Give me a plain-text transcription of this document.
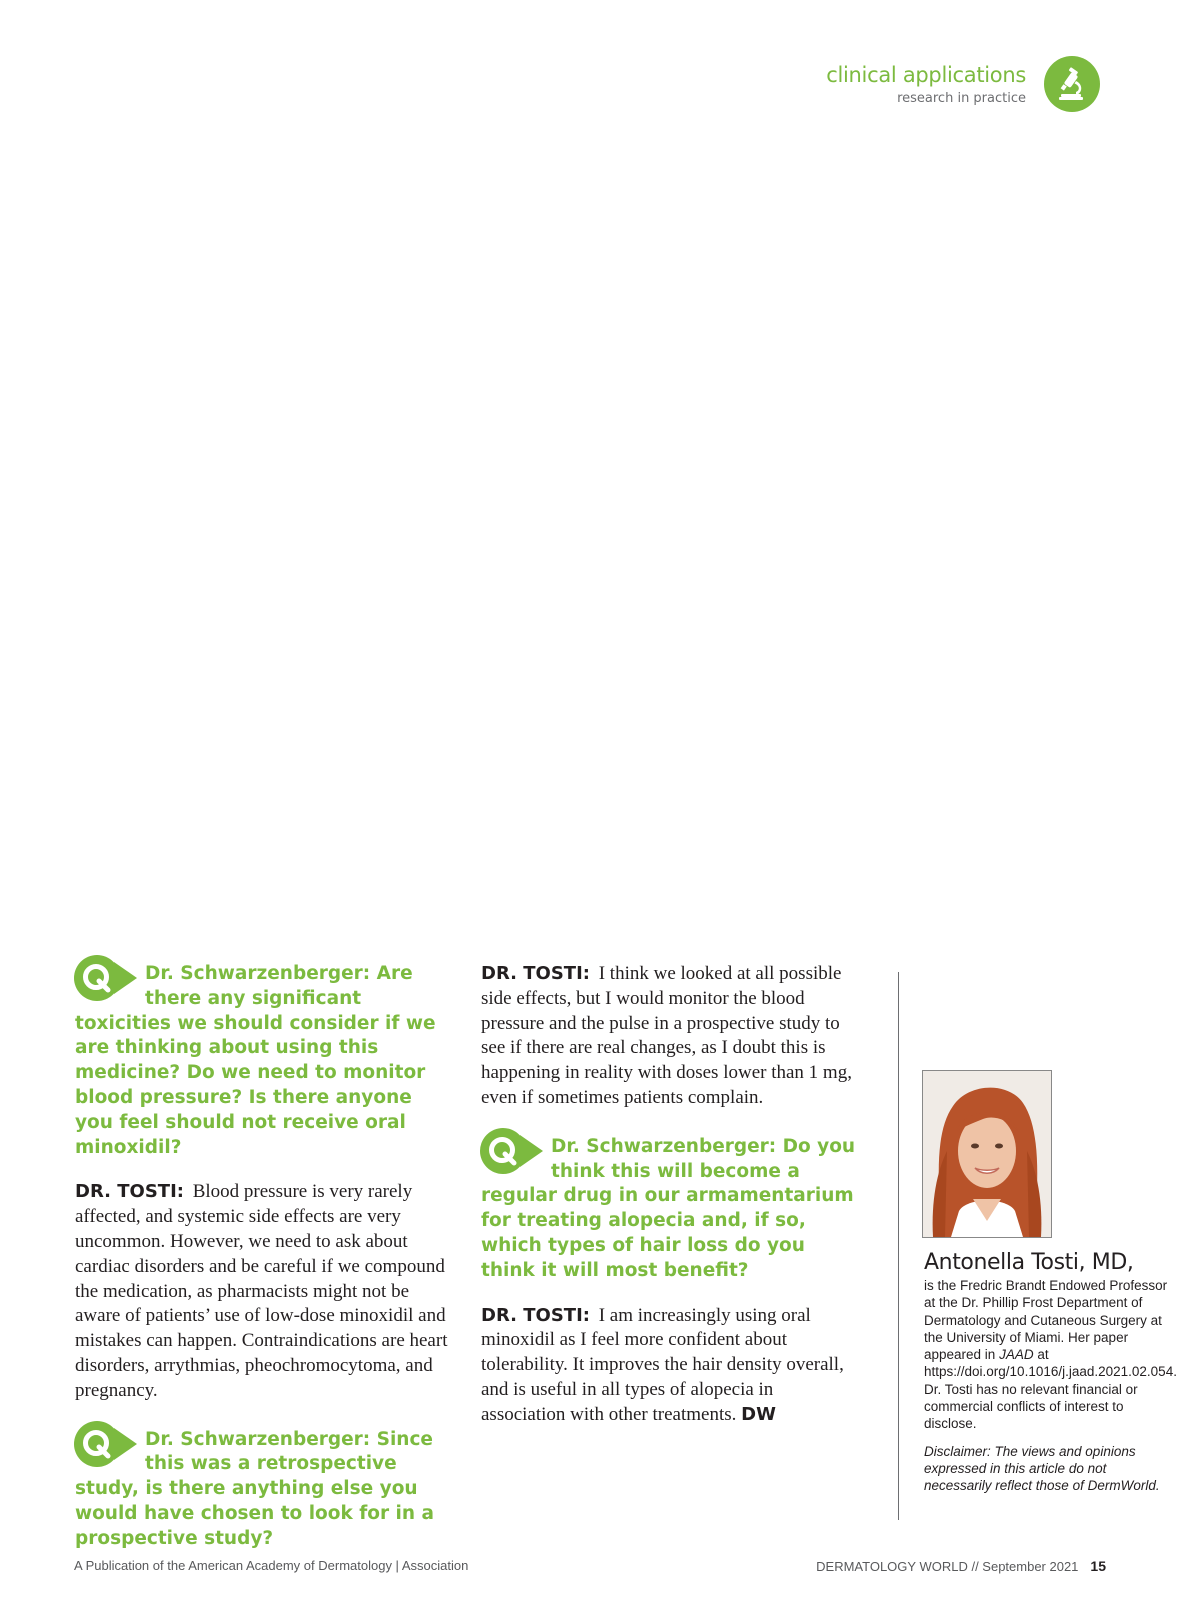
clinical applications
research in practice

Dr. Schwarzenberger: Are there any significant toxicities we should consider if we are thinking about using this medicine? Do we need to monitor blood pressure? Is there anyone you feel should not receive oral minoxidil?

DR. TOSTI: Blood pressure is very rarely affected, and systemic side effects are very uncommon. However, we need to ask about cardiac disorders and be careful if we compound the medication, as pharmacists might not be aware of patients’ use of low-dose minoxidil and mistakes can happen. Contraindications are heart disorders, arrythmias, pheochromocytoma, and pregnancy.

Dr. Schwarzenberger: Since this was a retrospective study, is there anything else you would have chosen to look for in a prospective study?

DR. TOSTI: I think we looked at all possible side effects, but I would monitor the blood pressure and the pulse in a prospective study to see if there are real changes, as I doubt this is happening in reality with doses lower than 1 mg, even if sometimes patients complain.

Dr. Schwarzenberger: Do you think this will become a regular drug in our armamentarium for treating alopecia and, if so, which types of hair loss do you think it will most benefit?

DR. TOSTI: I am increasingly using oral minoxidil as I feel more confident about tolerability. It improves the hair density overall, and is useful in all types of alopecia in association with other treatments. DW

Antonella Tosti, MD,

is the Fredric Brandt Endowed Professor at the Dr. Phillip Frost Department of Dermatology and Cutaneous Surgery at the University of Miami. Her paper appeared in JAAD at https://doi.org/10.1016/j.jaad.2021.02.054. Dr. Tosti has no relevant financial or commercial conflicts of interest to disclose.

Disclaimer: The views and opinions expressed in this article do not necessarily reflect those of DermWorld.

A Publication of the American Academy of Dermatology | Association	DERMATOLOGY WORLD // September 2021 15
